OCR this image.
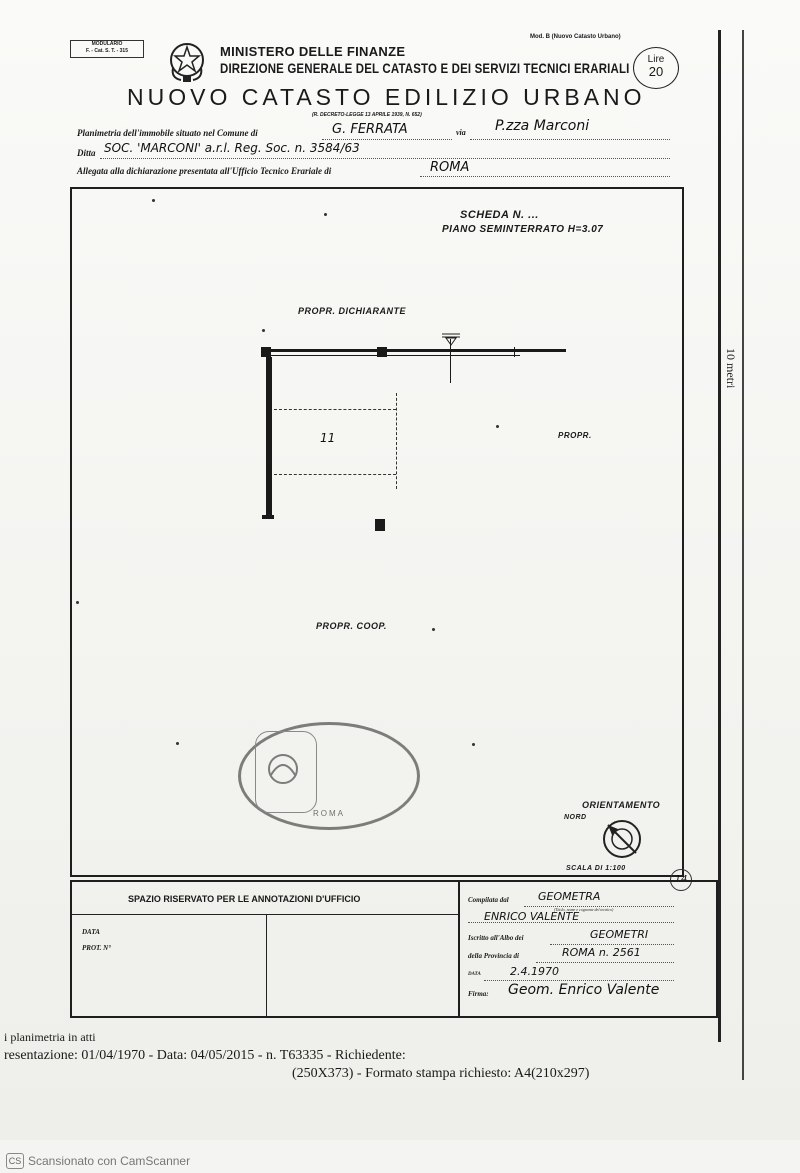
MODULARIO
F. - Cat. S. T. - 315	MINISTERO DELLE FINANZE
DIREZIONE GENERALE DEL CATASTO E DEI SERVIZI TECNICI ERARIALI
NUOVO CATASTO EDILIZIO URBANO
(R. DECRETO-LEGGE 13 APRILE 1939, N. 652)
Mod. B (Nuovo Catasto Urbano)
Lire
20
Planimetria dell'immobile situato nel Comune di	G. FERRATA	via P.zza Marconi
Ditta SOC. 'MARCONI' a.r.l. Reg. Soc. n. 3584/63
Allegata alla dichiarazione presentata all'Ufficio Tecnico Erariale di	ROMA
10 metri
SCHEDA N. ...
PIANO SEMINTERRATO H=3.07
PROPR. DICHIARANTE
PROPR.
PROPR. COOP.
11
ORIENTAMENTO
NORD
SCALA DI 1:100
ROMA
14
SPAZIO RISERVATO PER LE ANNOTAZIONI D'UFFICIO
DATA
PROT. N°
Compilata dal	GEOMETRA
(Titolo, nome e cognome del tecnico)
ENRICO VALENTE
Iscritto all'Albo dei	GEOMETRI
della Provincia di	ROMA n. 2561
DATA	2.4.1970
Firma: Geom. Enrico Valente
i planimetria in atti
resentazione: 01/04/1970 - Data: 04/05/2015 - n. T63335 - Richiedente:
(250X373) - Formato stampa richiesto: A4(210x297)
CS Scansionato con CamScanner
